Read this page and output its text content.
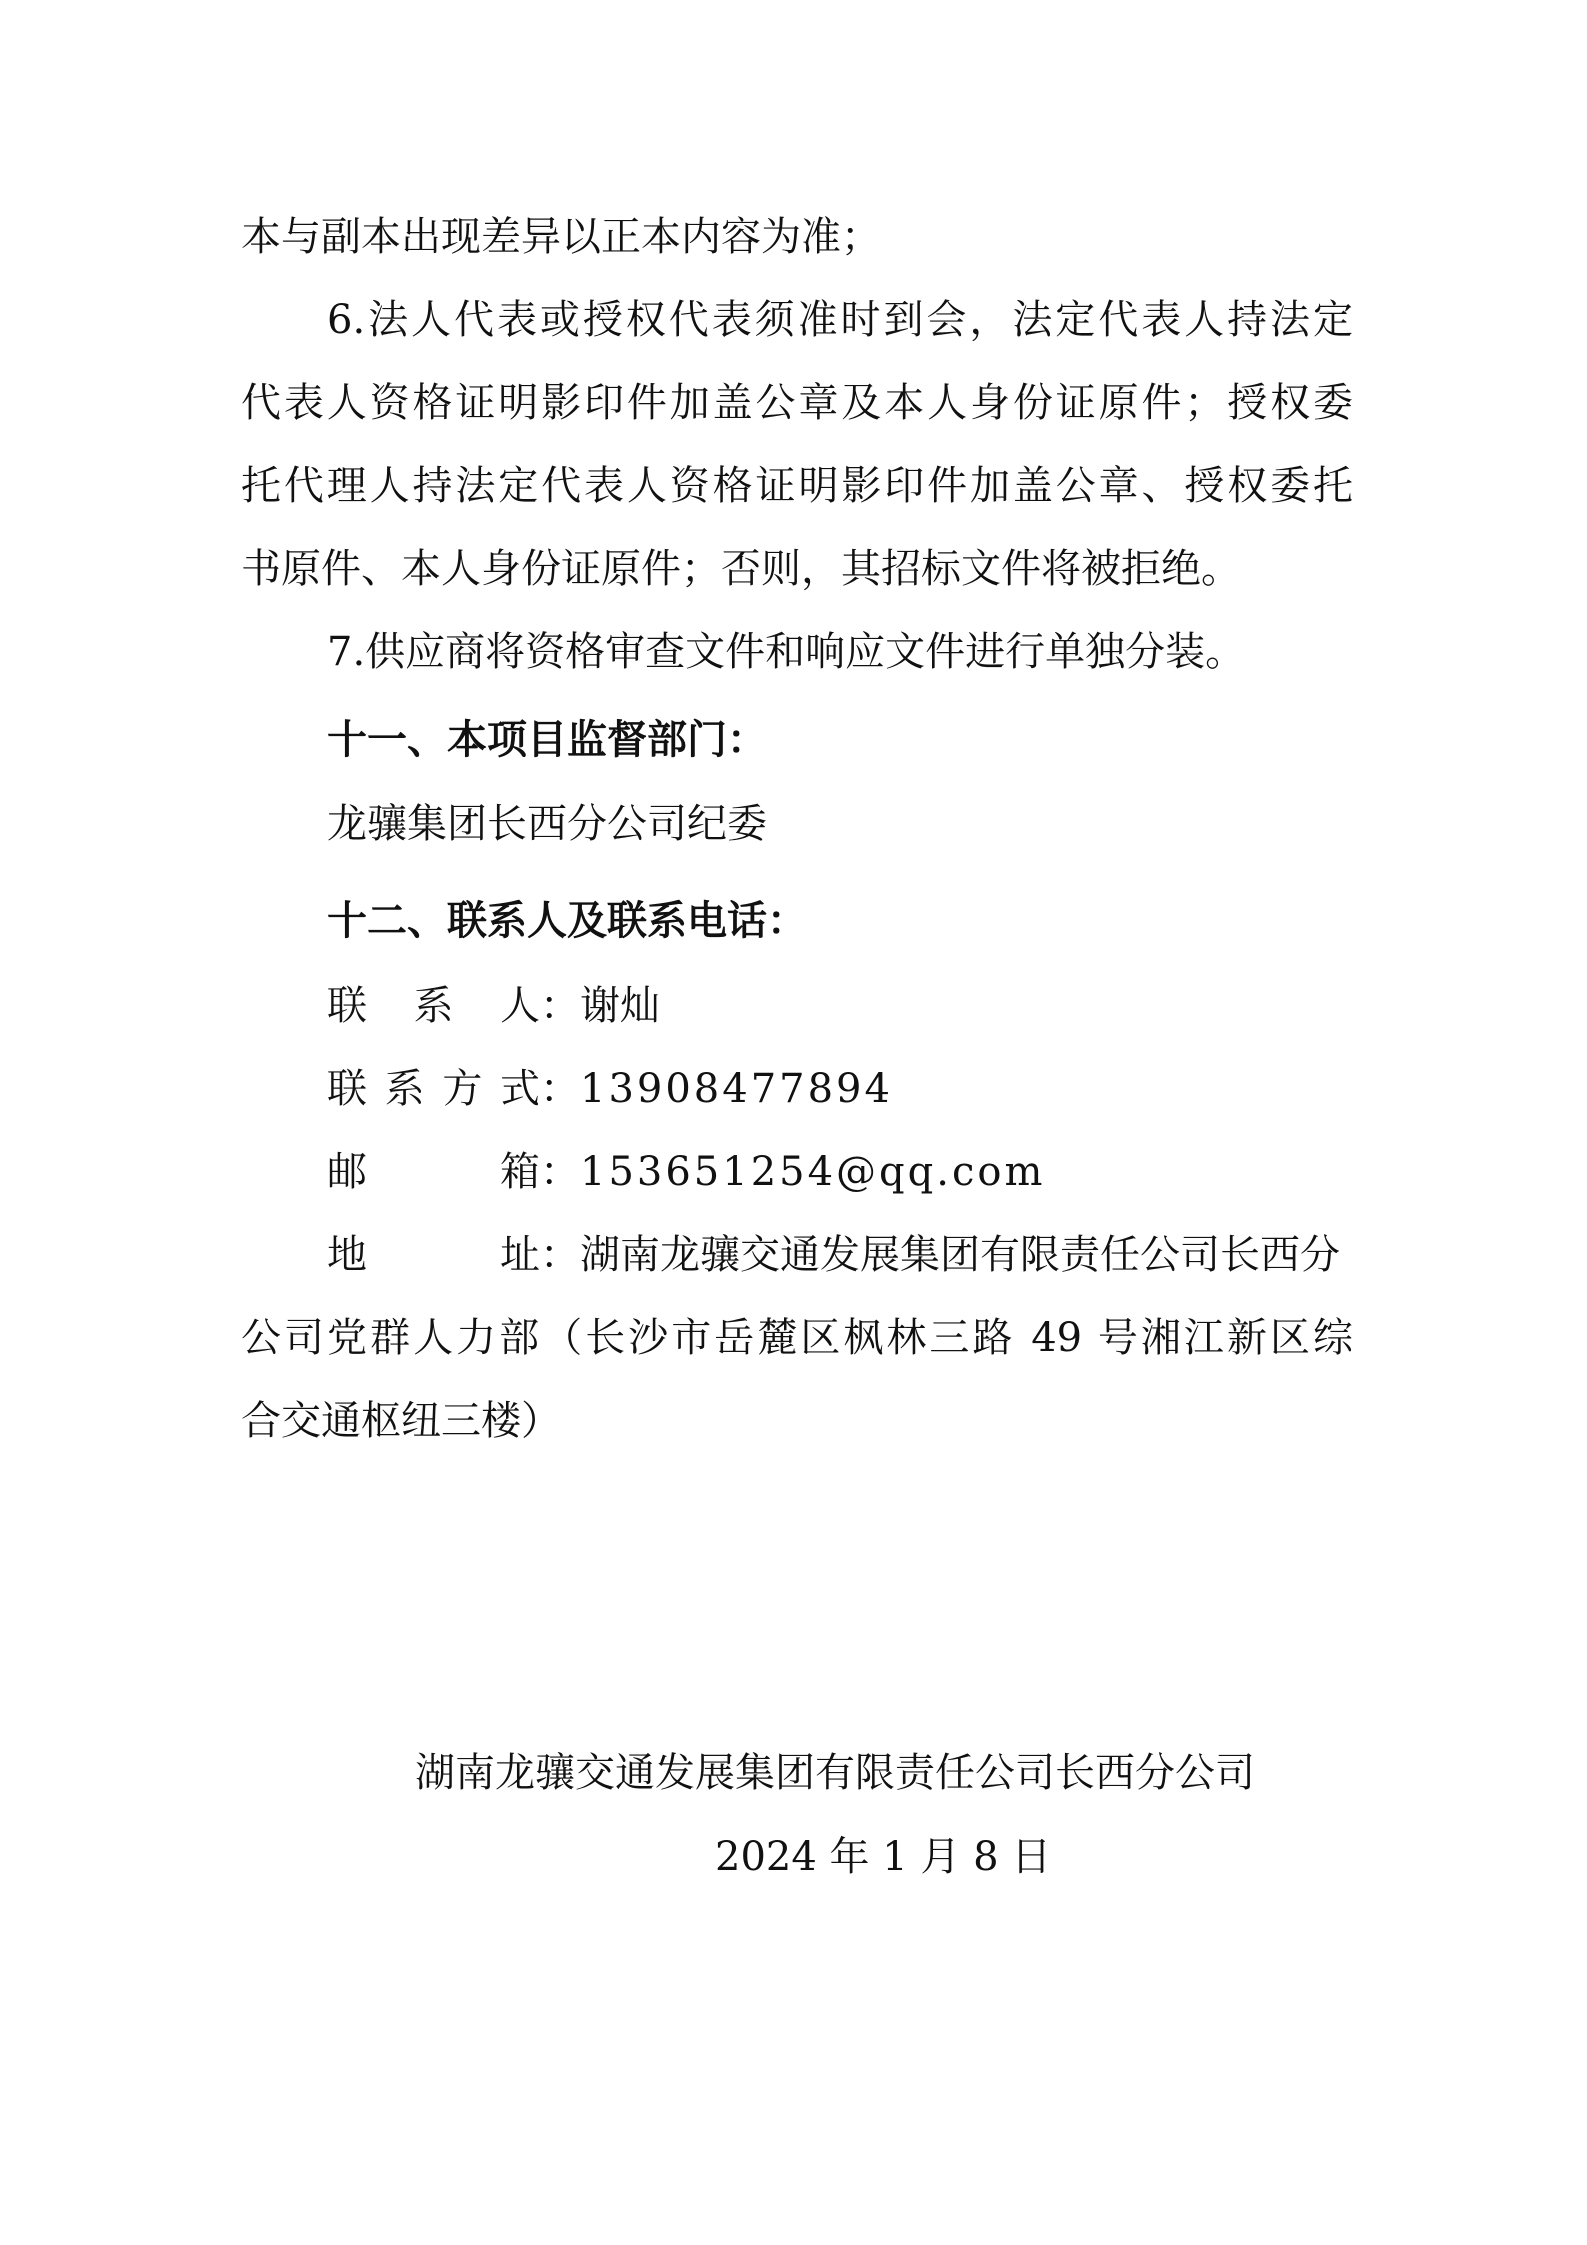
本与副本出现差异以正本内容为准；
6.法人代表或授权代表须准时到会，法定代表人持法定
代表人资格证明影印件加盖公章及本人身份证原件；授权委
托代理人持法定代表人资格证明影印件加盖公章、授权委托
书原件、本人身份证原件；否则，其招标文件将被拒绝。
7.供应商将资格审查文件和响应文件进行单独分装。
十一、本项目监督部门：
龙骧集团长西分公司纪委
十二、联系人及联系电话：
联 系 人：谢灿
联系方式：13908477894
邮 箱：153651254@qq.com
地 址：湖南龙骧交通发展集团有限责任公司长西分
公司党群人力部（长沙市岳麓区枫林三路 49 号湘江新区综
合交通枢纽三楼）
湖南龙骧交通发展集团有限责任公司长西分公司
2024 年 1 月 8 日
